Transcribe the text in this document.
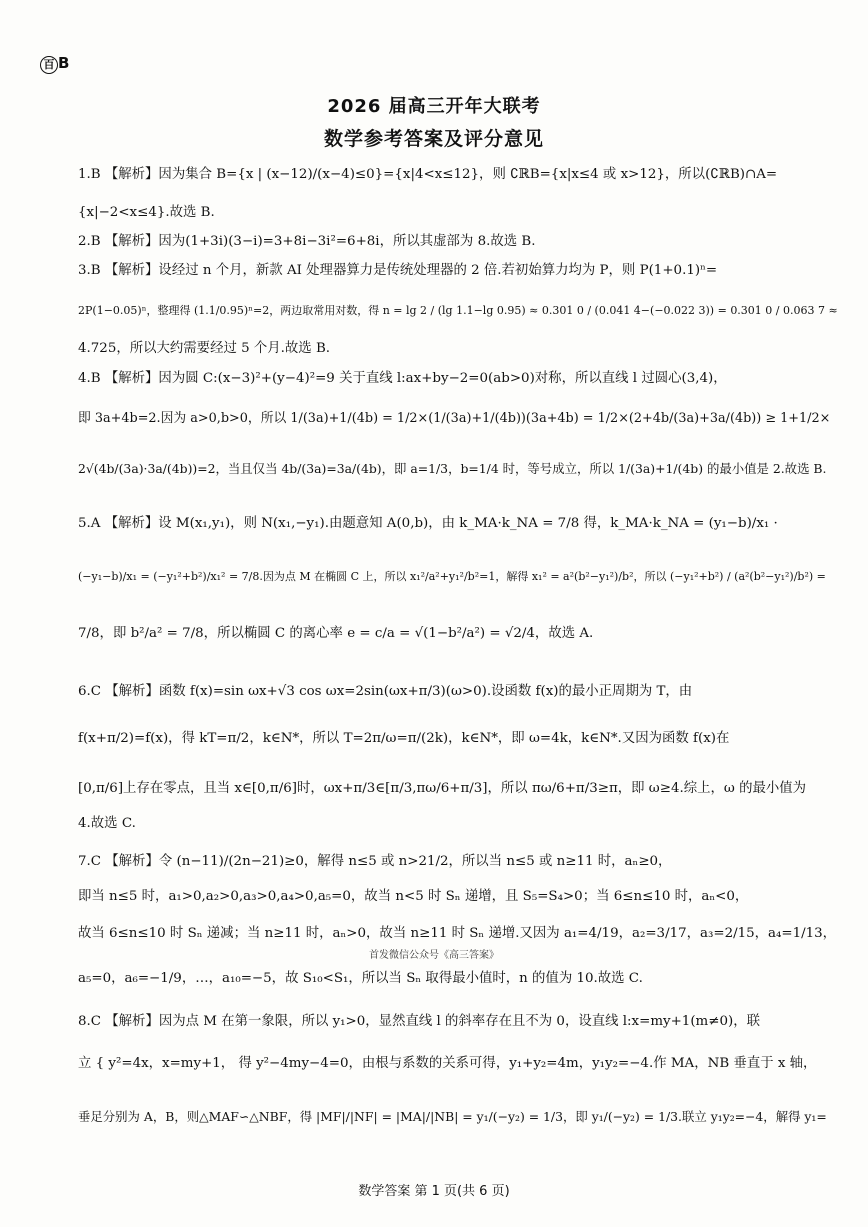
百 B
2026 届高三开年大联考
数学参考答案及评分意见
1.B 【解析】因为集合 B={x | (x−12)/(x−4)≤0}={x|4<x≤12}，则 ∁ℝB={x|x≤4 或 x>12}，所以(∁ℝB)∩A=
{x|−2<x≤4}.故选 B.
2.B 【解析】因为(1+3i)(3−i)=3+8i−3i²=6+8i，所以其虚部为 8.故选 B.
3.B 【解析】设经过 n 个月，新款 AI 处理器算力是传统处理器的 2 倍.若初始算力均为 P，则 P(1+0.1)ⁿ=
2P(1−0.05)ⁿ，整理得 (1.1/0.95)ⁿ=2，两边取常用对数，得 n = lg 2 / (lg 1.1−lg 0.95) ≈ 0.301 0 / (0.041 4−(−0.022 3)) = 0.301 0 / 0.063 7 ≈
4.725，所以大约需要经过 5 个月.故选 B.
4.B 【解析】因为圆 C:(x−3)²+(y−4)²=9 关于直线 l:ax+by−2=0(ab>0)对称，所以直线 l 过圆心(3,4)，
即 3a+4b=2.因为 a>0,b>0，所以 1/(3a)+1/(4b) = 1/2×(1/(3a)+1/(4b))(3a+4b) = 1/2×(2+4b/(3a)+3a/(4b)) ≥ 1+1/2×
2√(4b/(3a)·3a/(4b))=2，当且仅当 4b/(3a)=3a/(4b)，即 a=1/3，b=1/4 时，等号成立，所以 1/(3a)+1/(4b) 的最小值是 2.故选 B.
5.A 【解析】设 M(x₁,y₁)，则 N(x₁,−y₁).由题意知 A(0,b)，由 k_MA·k_NA = 7/8 得，k_MA·k_NA = (y₁−b)/x₁ ·
(−y₁−b)/x₁ = (−y₁²+b²)/x₁² = 7/8.因为点 M 在椭圆 C 上，所以 x₁²/a²+y₁²/b²=1，解得 x₁² = a²(b²−y₁²)/b²，所以 (−y₁²+b²) / (a²(b²−y₁²)/b²) =
7/8，即 b²/a² = 7/8，所以椭圆 C 的离心率 e = c/a = √(1−b²/a²) = √2/4，故选 A.
6.C 【解析】函数 f(x)=sin ωx+√3 cos ωx=2sin(ωx+π/3)(ω>0).设函数 f(x)的最小正周期为 T，由
f(x+π/2)=f(x)，得 kT=π/2，k∈N*，所以 T=2π/ω=π/(2k)，k∈N*，即 ω=4k，k∈N*.又因为函数 f(x)在
[0,π/6]上存在零点，且当 x∈[0,π/6]时，ωx+π/3∈[π/3,πω/6+π/3]，所以 πω/6+π/3≥π，即 ω≥4.综上，ω 的最小值为
4.故选 C.
7.C 【解析】令 (n−11)/(2n−21)≥0，解得 n≤5 或 n>21/2，所以当 n≤5 或 n≥11 时，aₙ≥0，
即当 n≤5 时，a₁>0,a₂>0,a₃>0,a₄>0,a₅=0，故当 n<5 时 Sₙ 递增，且 S₅=S₄>0；当 6≤n≤10 时，aₙ<0，
故当 6≤n≤10 时 Sₙ 递减；当 n≥11 时，aₙ>0，故当 n≥11 时 Sₙ 递增.又因为 a₁=4/19，a₂=3/17，a₃=2/15，a₄=1/13，
首发微信公众号《高三答案》
a₅=0，a₆=−1/9，…，a₁₀=−5，故 S₁₀<S₁，所以当 Sₙ 取得最小值时，n 的值为 10.故选 C.
8.C 【解析】因为点 M 在第一象限，所以 y₁>0，显然直线 l 的斜率存在且不为 0，设直线 l:x=my+1(m≠0)，联
立 { y²=4x，x=my+1， 得 y²−4my−4=0，由根与系数的关系可得，y₁+y₂=4m，y₁y₂=−4.作 MA，NB 垂直于 x 轴，
垂足分别为 A，B，则△MAF∽△NBF，得 |MF|/|NF| = |MA|/|NB| = y₁/(−y₂) = 1/3，即 y₁/(−y₂) = 1/3.联立 y₁y₂=−4，解得 y₁=
数学答案 第 1 页(共 6 页)
